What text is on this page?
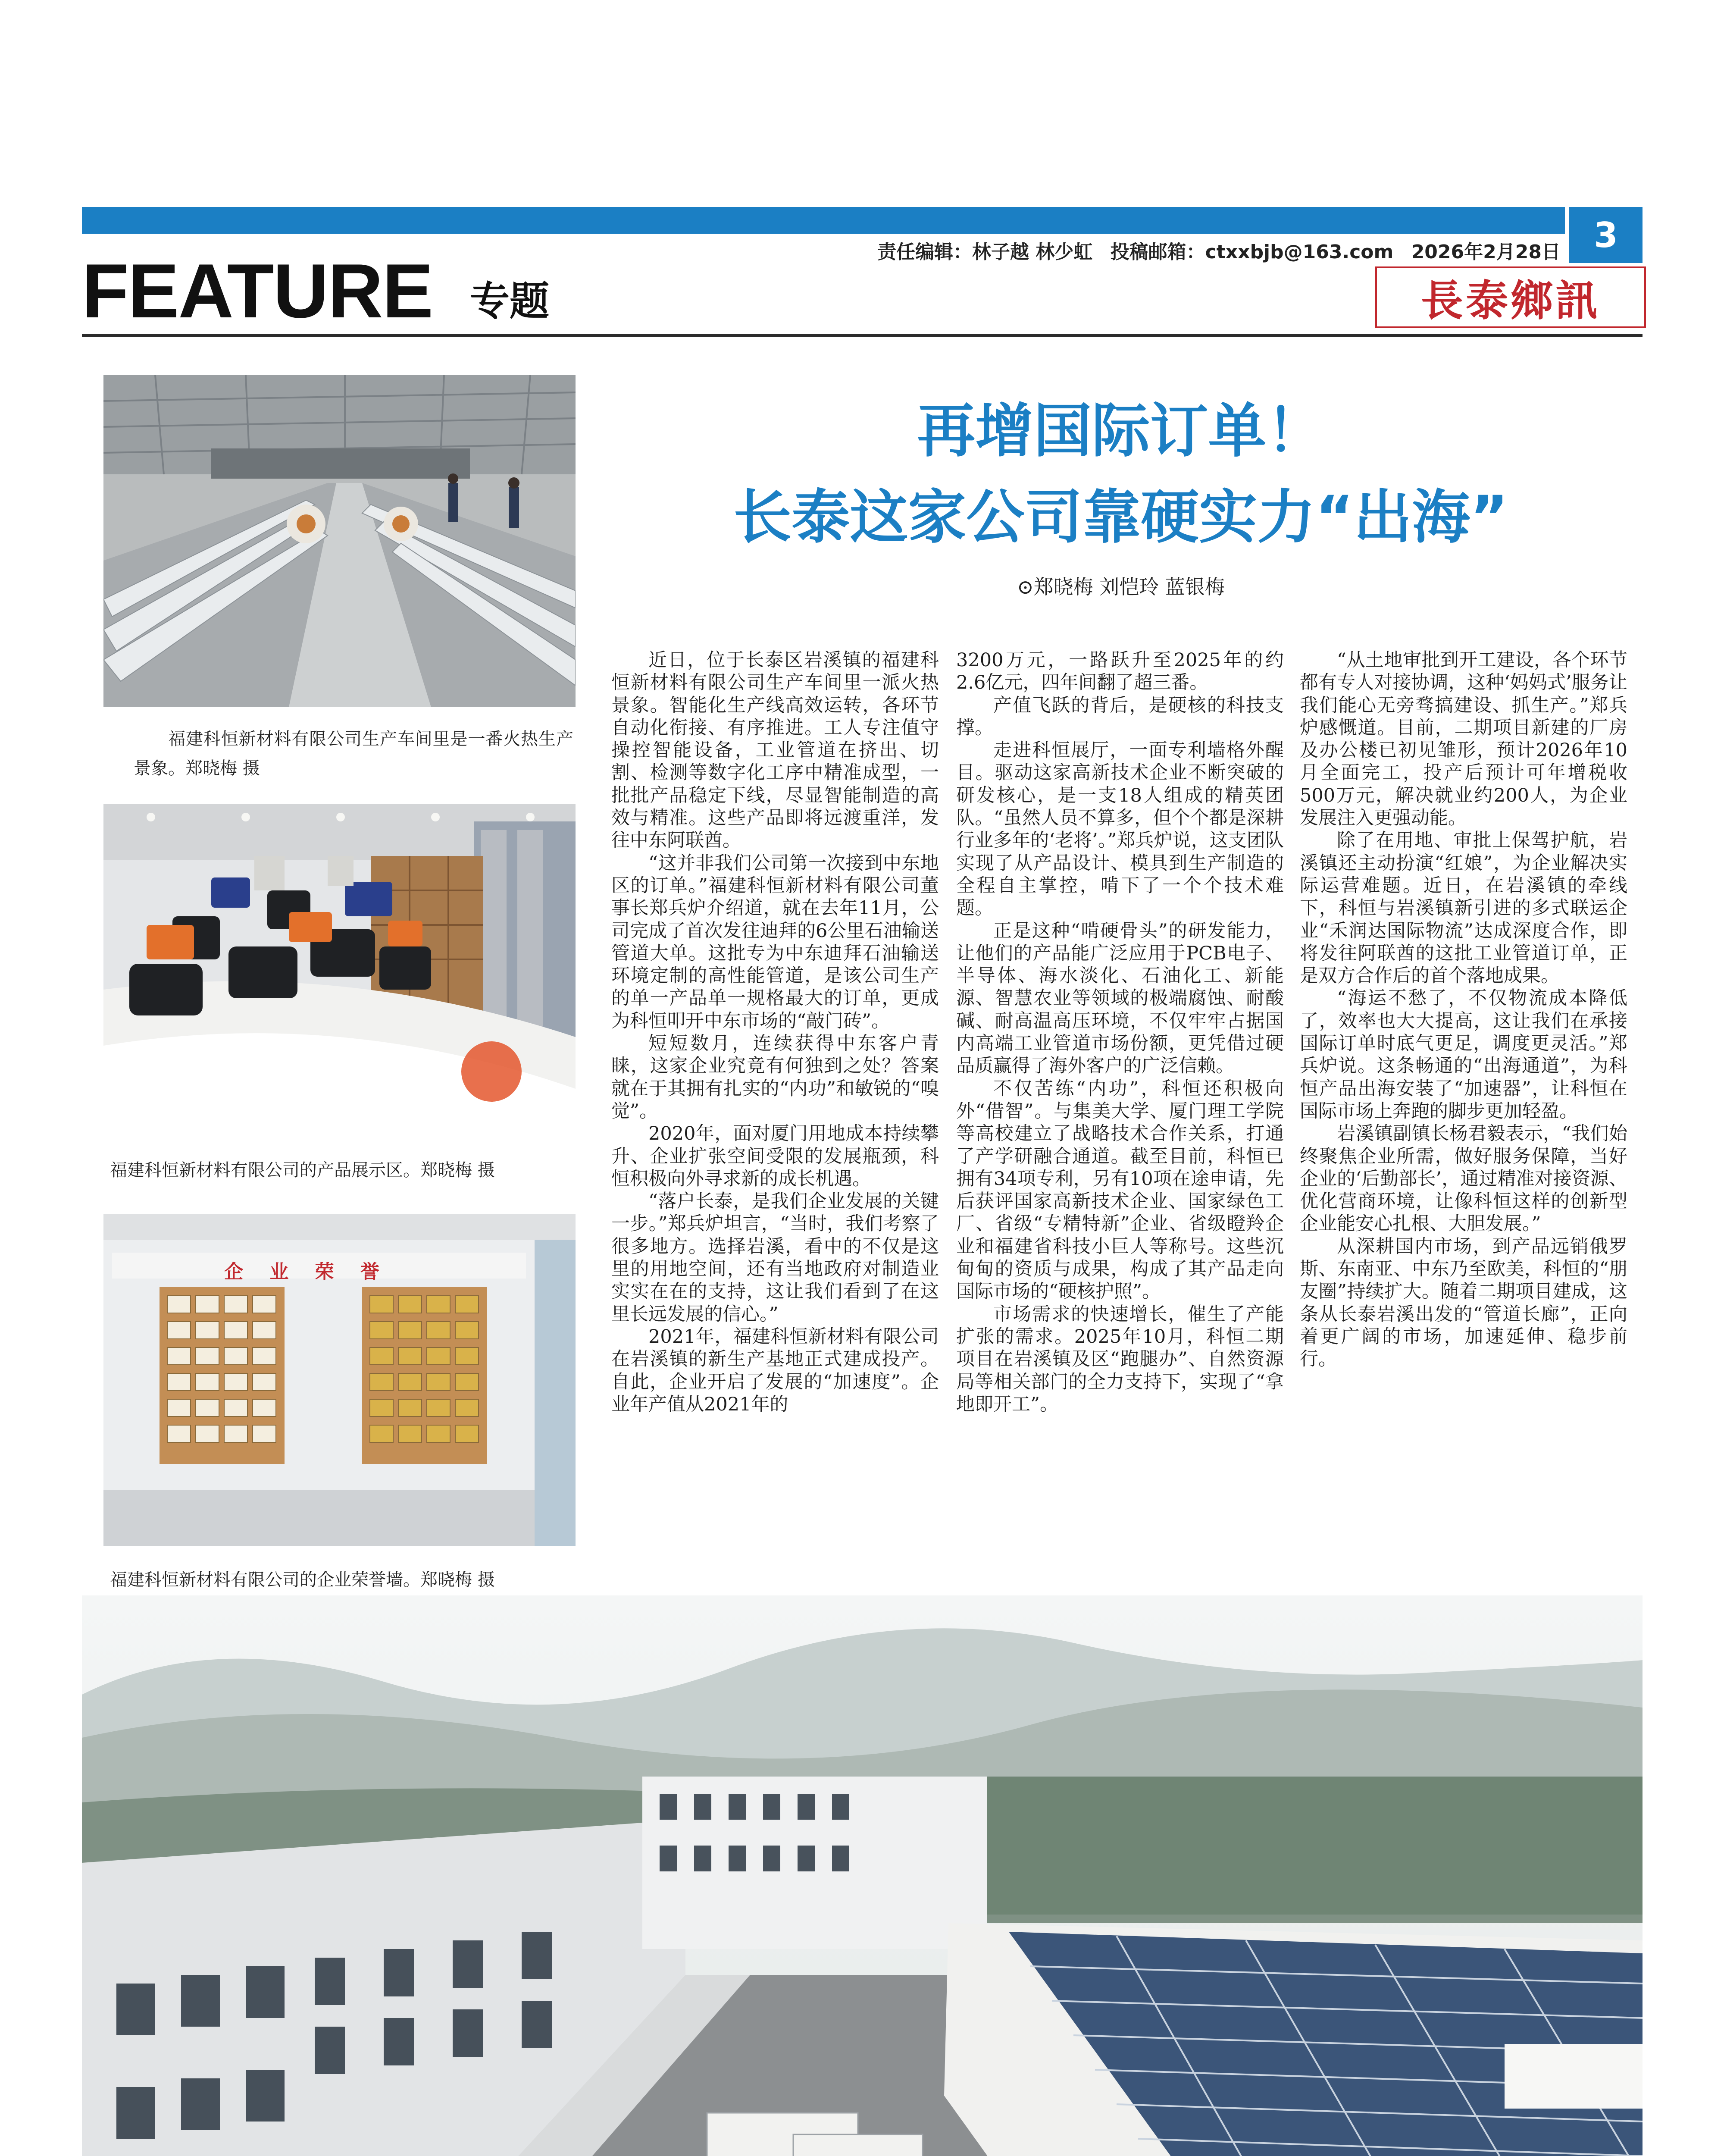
3
责任编辑：林子越 林少虹 投稿邮箱：ctxxbjb@163.com 2026年2月28日
FEATURE 专题	長泰鄉訊
福建科恒新材料有限公司生产车间里是一番火热生产景象。郑晓梅 摄
福建科恒新材料有限公司的产品展示区。郑晓梅 摄
企    业    荣    誉
福建科恒新材料有限公司的企业荣誉墙。郑晓梅 摄
再增国际订单！
长泰这家公司靠硬实力“出海”
⊙郑晓梅 刘恺玲 蓝银梅

近日，位于长泰区岩溪镇的福建科恒新材料有限公司生产车间里一派火热景象。智能化生产线高效运转，各环节自动化衔接、有序推进。工人专注值守操控智能设备，工业管道在挤出、切割、检测等数字化工序中精准成型，一批批产品稳定下线，尽显智能制造的高效与精准。这些产品即将远渡重洋，发往中东阿联酋。

“这并非我们公司第一次接到中东地区的订单。”福建科恒新材料有限公司董事长郑兵炉介绍道，就在去年11月，公司完成了首次发往迪拜的6公里石油输送管道大单。这批专为中东迪拜石油输送环境定制的高性能管道，是该公司生产的单一产品单一规格最大的订单，更成为科恒叩开中东市场的“敲门砖”。

短短数月，连续获得中东客户青睐，这家企业究竟有何独到之处？答案就在于其拥有扎实的“内功”和敏锐的“嗅觉”。

2020年，面对厦门用地成本持续攀升、企业扩张空间受限的发展瓶颈，科恒积极向外寻求新的成长机遇。

“落户长泰，是我们企业发展的关键一步。”郑兵炉坦言，“当时，我们考察了很多地方。选择岩溪，看中的不仅是这里的用地空间，还有当地政府对制造业实实在在的支持，这让我们看到了在这里长远发展的信心。”

2021年，福建科恒新材料有限公司在岩溪镇的新生产基地正式建成投产。自此，企业开启了发展的“加速度”。企业年产值从2021年的

3200万元，一路跃升至2025年的约2.6亿元，四年间翻了超三番。

产值飞跃的背后，是硬核的科技支撑。

走进科恒展厅，一面专利墙格外醒目。驱动这家高新技术企业不断突破的研发核心，是一支18人组成的精英团队。“虽然人员不算多，但个个都是深耕行业多年的‘老将’。”郑兵炉说，这支团队实现了从产品设计、模具到生产制造的全程自主掌控，啃下了一个个技术难题。

正是这种“啃硬骨头”的研发能力，让他们的产品能广泛应用于PCB电子、半导体、海水淡化、石油化工、新能源、智慧农业等领域的极端腐蚀、耐酸碱、耐高温高压环境，不仅牢牢占据国内高端工业管道市场份额，更凭借过硬品质赢得了海外客户的广泛信赖。

不仅苦练“内功”，科恒还积极向外“借智”。与集美大学、厦门理工学院等高校建立了战略技术合作关系，打通了产学研融合通道。截至目前，科恒已拥有34项专利，另有10项在途申请，先后获评国家高新技术企业、国家绿色工厂、省级“专精特新”企业、省级瞪羚企业和福建省科技小巨人等称号。这些沉甸甸的资质与成果，构成了其产品走向国际市场的“硬核护照”。

市场需求的快速增长，催生了产能扩张的需求。2025年10月，科恒二期项目在岩溪镇及区“跑腿办”、自然资源局等相关部门的全力支持下，实现了“拿地即开工”。

“从土地审批到开工建设，各个环节都有专人对接协调，这种‘妈妈式’服务让我们能心无旁骛搞建设、抓生产。”郑兵炉感慨道。目前，二期项目新建的厂房及办公楼已初见雏形，预计2026年10月全面完工，投产后预计可年增税收500万元，解决就业约200人，为企业发展注入更强动能。

除了在用地、审批上保驾护航，岩溪镇还主动扮演“红娘”，为企业解决实际运营难题。近日，在岩溪镇的牵线下，科恒与岩溪镇新引进的多式联运企业“禾润达国际物流”达成深度合作，即将发往阿联酋的这批工业管道订单，正是双方合作后的首个落地成果。

“海运不愁了，不仅物流成本降低了，效率也大大提高，这让我们在承接国际订单时底气更足，调度更灵活。”郑兵炉说。这条畅通的“出海通道”，为科恒产品出海安装了“加速器”，让科恒在国际市场上奔跑的脚步更加轻盈。

岩溪镇副镇长杨君毅表示，“我们始终聚焦企业所需，做好服务保障，当好企业的‘后勤部长’，通过精准对接资源、优化营商环境，让像科恒这样的创新型企业能安心扎根、大胆发展。”

从深耕国内市场，到产品远销俄罗斯、东南亚、中东乃至欧美，科恒的“朋友圈”持续扩大。随着二期项目建成，这条从长泰岩溪出发的“管道长廊”，正向着更广阔的市场，加速延伸、稳步前行。
